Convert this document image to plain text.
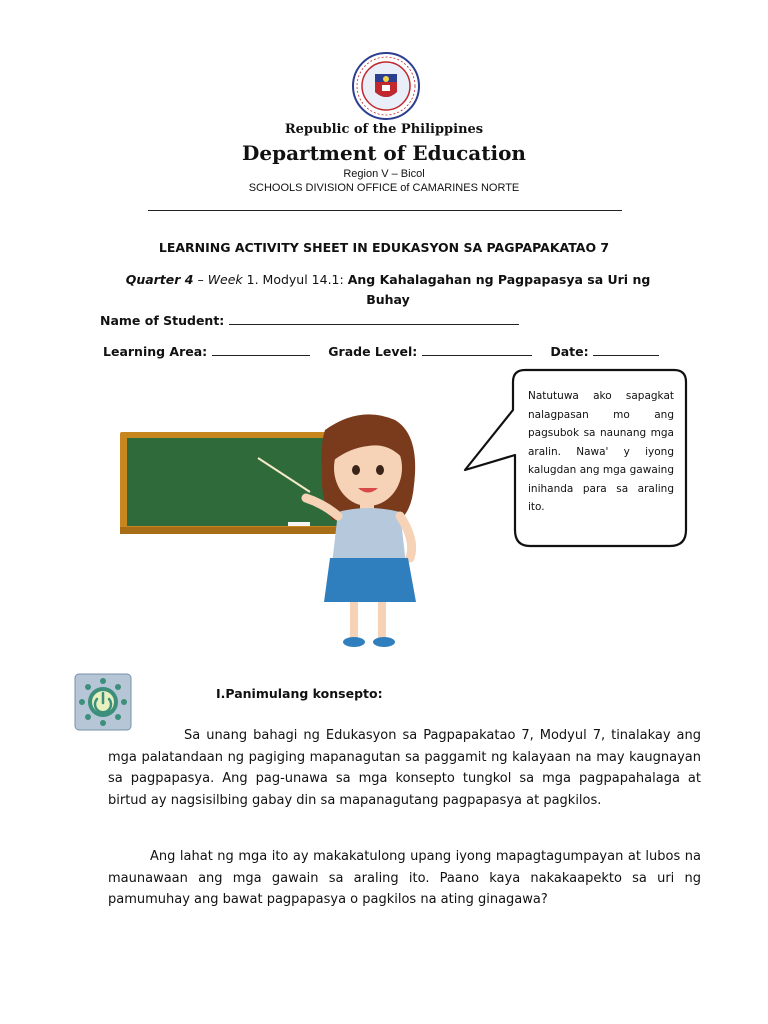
Republic of the Philippines
Department of Education
Region V – Bicol
SCHOOLS DIVISION OFFICE of CAMARINES NORTE
LEARNING ACTIVITY SHEET IN EDUKASYON SA PAGPAPAKATAO 7
Quarter 4 – Week 1. Modyul 14.1: Ang Kahalagahan ng Pagpapasya sa Uri ng Buhay
Name of Student:
Learning Area:	Grade Level:	Date:
Natutuwa ako sapagkat nalagpasan mo ang pagsubok sa naunang mga aralin. Nawa' y iyong kalugdan ang mga gawaing inihanda para sa araling ito.
I.Panimulang konsepto:
Sa unang bahagi ng Edukasyon sa Pagpapakatao 7, Modyul 7, tinalakay ang mga palatandaan ng pagiging mapanagutan sa paggamit ng kalayaan na may kaugnayan sa pagpapasya. Ang pag-unawa sa mga konsepto tungkol sa mga pagpapahalaga at birtud ay nagsisilbing gabay din sa mapanagutang pagpapasya at pagkilos.
Ang lahat ng mga ito ay makakatulong upang iyong mapagtagumpayan at lubos na maunawaan ang mga gawain sa araling ito. Paano kaya nakakaapekto sa uri ng pamumuhay ang bawat pagpapasya o pagkilos na ating ginagawa?
